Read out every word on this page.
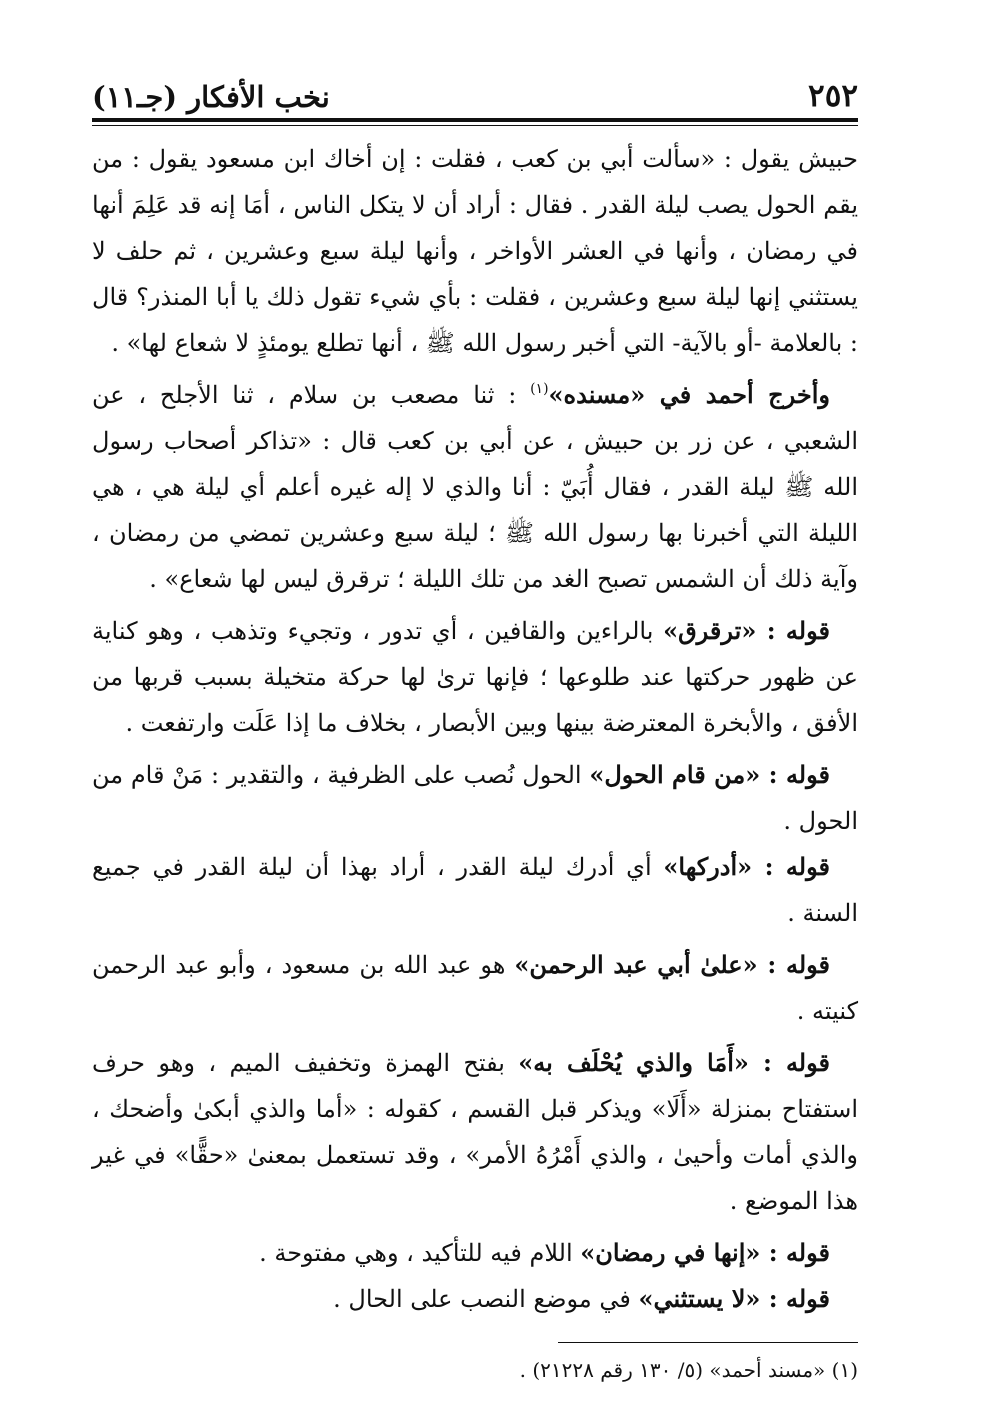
٢٥٢
نخب الأفكار (جـ١١)

حبيش يقول : «سألت أبي بن كعب ، فقلت : إن أخاك ابن مسعود يقول : من يقم الحول يصب ليلة القدر . فقال : أراد أن لا يتكل الناس ، أمَا إنه قد عَلِمَ أنها في رمضان ، وأنها في العشر الأواخر ، وأنها ليلة سبع وعشرين ، ثم حلف لا يستثني إنها ليلة سبع وعشرين ، فقلت : بأي شيء تقول ذلك يا أبا المنذر؟ قال : بالعلامة -أو بالآية- التي أخبر رسول الله ﷺ ، أنها تطلع يومئذٍ لا شعاع لها» .

وأخرج أحمد في «مسنده»$^{(١)}$ : ثنا مصعب بن سلام ، ثنا الأجلح ، عن الشعبي ، عن زر بن حبيش ، عن أبي بن كعب قال : «تذاكر أصحاب رسول الله ﷺ ليلة القدر ، فقال أُبَيّ : أنا والذي لا إله غيره أعلم أي ليلة هي ، هي الليلة التي أخبرنا بها رسول الله ﷺ ؛ ليلة سبع وعشرين تمضي من رمضان ، وآية ذلك أن الشمس تصبح الغد من تلك الليلة ؛ ترقرق ليس لها شعاع» .

قوله : «ترقرق» بالراءين والقافين ، أي تدور ، وتجيء وتذهب ، وهو كناية عن ظهور حركتها عند طلوعها ؛ فإنها ترىٰ لها حركة متخيلة بسبب قربها من الأفق ، والأبخرة المعترضة بينها وبين الأبصار ، بخلاف ما إذا عَلَت وارتفعت .

قوله : «من قام الحول» الحول نُصب على الظرفية ، والتقدير : مَنْ قام من الحول .

قوله : «أدركها» أي أدرك ليلة القدر ، أراد بهذا أن ليلة القدر في جميع السنة .

قوله : «علىٰ أبي عبد الرحمن» هو عبد الله بن مسعود ، وأبو عبد الرحمن كنيته .

قوله : «أَمَا والذي يُحْلَف به» بفتح الهمزة وتخفيف الميم ، وهو حرف استفتاح بمنزلة «أَلَا» ويذكر قبل القسم ، كقوله : «أما والذي أبكىٰ وأضحك ، والذي أمات وأحيىٰ ، والذي أَمْرُهُ الأمر» ، وقد تستعمل بمعنىٰ «حقًّا» في غير هذا الموضع .

قوله : «إنها في رمضان» اللام فيه للتأكيد ، وهي مفتوحة .

قوله : «لا يستثني» في موضع النصب على الحال .

(١) «مسند أحمد» (٥/ ١٣٠ رقم ٢١٢٢٨) .
